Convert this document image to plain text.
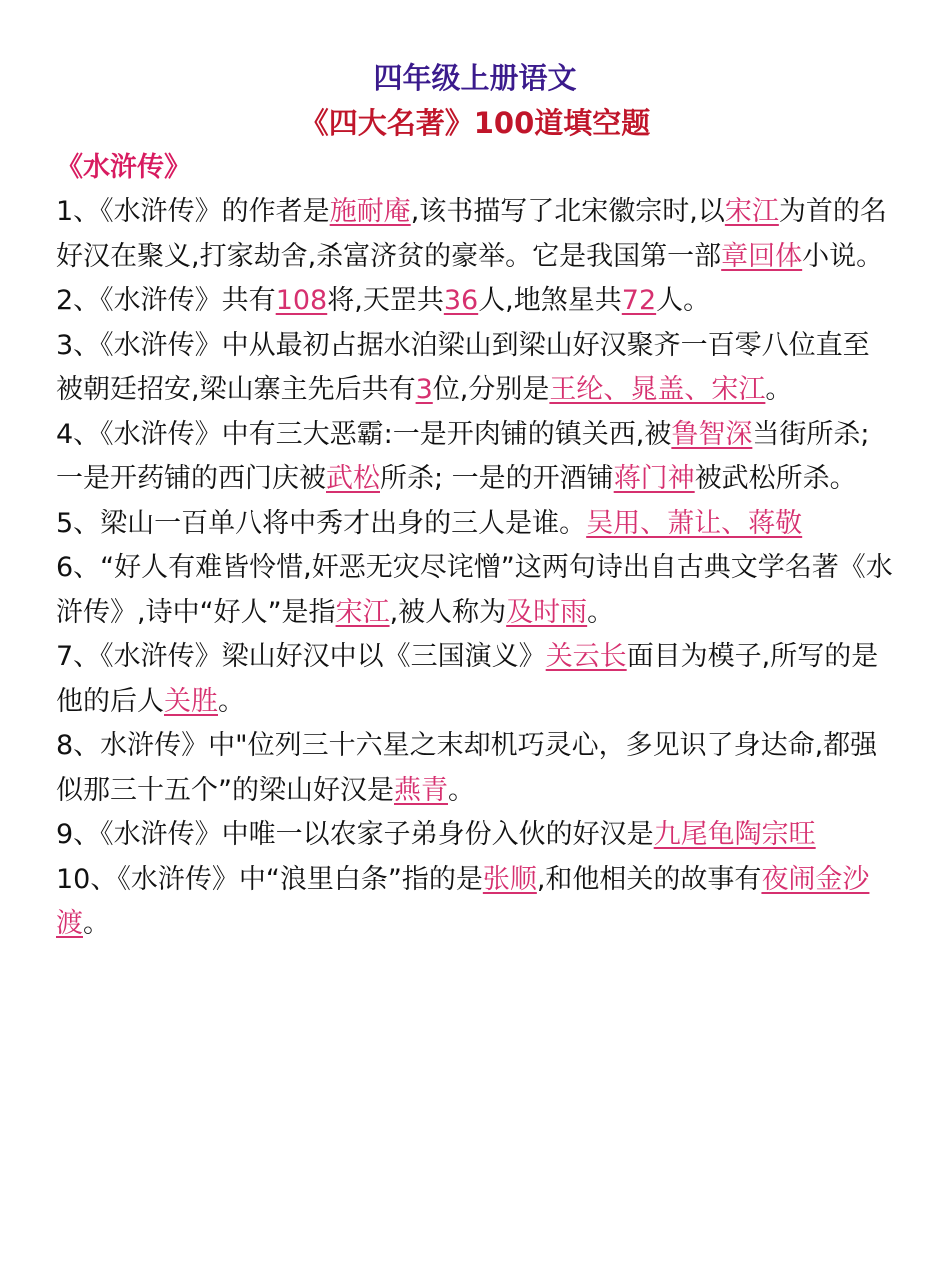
四年级上册语文
《四大名著》100道填空题
《水浒传》

1、《水浒传》的作者是施耐庵,该书描写了北宋徽宗时,以宋江为首的名好汉在聚义,打家劫舍,杀富济贫的豪举。它是我国第一部章回体小说。

2、《水浒传》共有108将,天罡共36人,地煞星共72人。

3、《水浒传》中从最初占据水泊梁山到梁山好汉聚齐一百零八位直至被朝廷招安,梁山寨主先后共有3位,分别是王纶、晁盖、宋江。

4、《水浒传》中有三大恶霸:一是开肉铺的镇关西,被鲁智深当街所杀;一是开药铺的西门庆被武松所杀; 一是的开酒铺蒋门神被武松所杀。

5、梁山一百单八将中秀才出身的三人是谁。吴用、萧让、蒋敬

6、“好人有难皆怜惜,奸恶无灾尽诧憎”这两句诗出自古典文学名著《水浒传》,诗中“好人”是指宋江,被人称为及时雨。

7、《水浒传》梁山好汉中以《三国演义》关云长面目为模子,所写的是他的后人关胜。

8、水浒传》中"位列三十六星之末却机巧灵心，多见识了身达命,都强似那三十五个”的梁山好汉是燕青。

9、《水浒传》中唯一以农家子弟身份入伙的好汉是九尾龟陶宗旺

10、《水浒传》中“浪里白条”指的是张顺,和他相关的故事有夜闹金沙渡。
